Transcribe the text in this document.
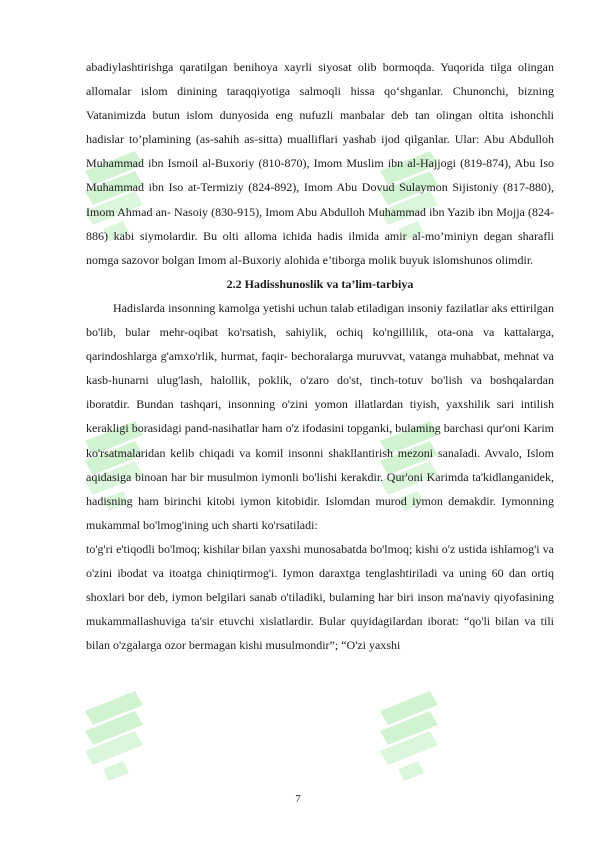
abadiylashtirishga qaratilgan benihoya xayrli siyosat olib bormoqda. Yuqorida tilga olingan allomalar islom dinining taraqqiyotiga salmoqli hissa qo‘shganlar. Chunonchi, bizning Vatanimizda butun islom dunyosida eng nufuzli manbalar deb tan olingan oltita ishonchli hadislar to’plamining (as-sahih as-sitta) mualliflari yashab ijod qilganlar. Ular: Abu Abdulloh Muhammad ibn Ismoil al-Buxoriy (810-870), Imom Muslim ibn al-Hajjogi (819-874), Abu Iso Muhammad ibn Iso at-Termiziy (824-892), Imom Abu Dovud Sulaymon Sijistoniy (817-880), Imom Ahmad an- Nasoiy (830-915), Imom Abu Abdulloh Muhammad ibn Yazib ibn Mojja (824-886) kabi siymolardir. Bu olti alloma ichida hadis ilmida amir al-mo’miniyn degan sharafli nomga sazovor bolgan Imom al-Buxoriy alohida e’tiborga molik buyuk islomshunos olimdir.

2.2 Hadisshunoslik va ta’lim-tarbiya

Hadislarda insonning kamolga yetishi uchun talab etiladigan insoniy fazilatlar aks ettirilgan bo'lib, bular mehr-oqibat ko'rsatish, sahiylik, ochiq ko'ngillilik, ota-ona va kattalarga, qarindoshlarga g'amxo'rlik, hurmat, faqir- bechoralarga muruvvat, vatanga muhabbat, mehnat va kasb-hunarni ulug'lash, halollik, poklik, o'zaro do'st, tinch-totuv bo'lish va boshqalardan iboratdir. Bundan tashqari, insonning o'zini yomon illatlardan tiyish, yaxshilik sari intilish kerakligi borasidagi pand-nasihatlar ham o'z ifodasini topganki, bulaming barchasi qur'oni Karim ko'rsatmalaridan kelib chiqadi va komil insonni shakllantirish mezoni sanaladi. Avvalo, Islom aqidasiga binoan har bir musulmon iymonli bo'lishi kerakdir. Qur'oni Karimda ta'kidlanganidek, hadisning ham birinchi kitobi iymon kitobidir. Islomdan murod iymon demakdir. Iymonning mukammal bo'lmog'ining uch sharti ko'rsatiladi:

to'g'ri e'tiqodli bo'lmoq; kishilar bilan yaxshi munosabatda bo'lmoq; kishi o'z ustida ishlamog'i va o'zini ibodat va itoatga chiniqtirmog'i. Iymon daraxtga tenglashtiriladi va uning 60 dan ortiq shoxlari bor deb, iymon belgilari sanab o'tiladiki, bulaming har biri inson ma'naviy qiyofasining mukammallashuviga ta'sir etuvchi xislatlardir. Bular quyidagilardan iborat: “qo'li bilan va tili bilan o'zgalarga ozor bermagan kishi musulmondir”; “O'zi yaxshi

7
